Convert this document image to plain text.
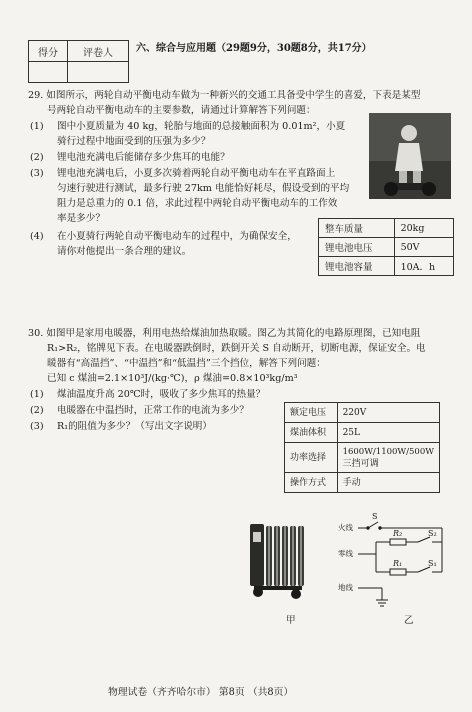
得分	评卷人
	六、综合与应用题（29题9分，30题8分，共17分）
29. 如图所示，两轮自动平衡电动车做为一种新兴的交通工具备受中学生的喜爱，下表是某型
号两轮自动平衡电动车的主要参数，请通过计算解答下列问题：
(1) 图中小夏质量为 40 kg，轮胎与地面的总接触面积为 0.01m²，小夏
骑行过程中地面受到的压强为多少？
(2) 锂电池充满电后能储存多少焦耳的电能？
(3) 锂电池充满电后，小夏多次骑着两轮自动平衡电动车在平直路面上
匀速行驶进行测试，最多行驶 27km 电能恰好耗尽，假设受到的平均
阻力是总重力的 0.1 倍，求此过程中两轮自动平衡电动车的工作效
率是多少？
(4) 在小夏骑行两轮自动平衡电动车的过程中，为确保安全，
请你对他提出一条合理的建议。
整车质量	20kg
锂电池电压	50V
锂电池容量	10A．h
30. 如图甲是家用电暖器，利用电热给煤油加热取暖。图乙为其简化的电路原理图，已知电阻
R₁>R₂，铭牌见下表。在电暖器跌倒时，跌倒开关 S 自动断开，切断电源，保证安全。电
暖器有“高温挡”、“中温挡”和“低温挡”三个挡位，解答下列问题：
已知 c 煤油=2.1×10³J/(kg·℃)，ρ 煤油=0.8×10³kg/m³
(1) 煤油温度升高 20℃时，吸收了多少焦耳的热量？
(2) 电暖器在中温挡时，正常工作的电流为多少？
(3) R₁的阻值为多少？（写出文字说明）
额定电压	220V
煤油体积	25L
功率选择	1600W/1100W/500W
三挡可调

操作方式	手动
火线
零线
地线
S
R₂
R₁
S₂
S₁
甲	乙
物理试卷（齐齐哈尔市） 第8页 （共8页）
